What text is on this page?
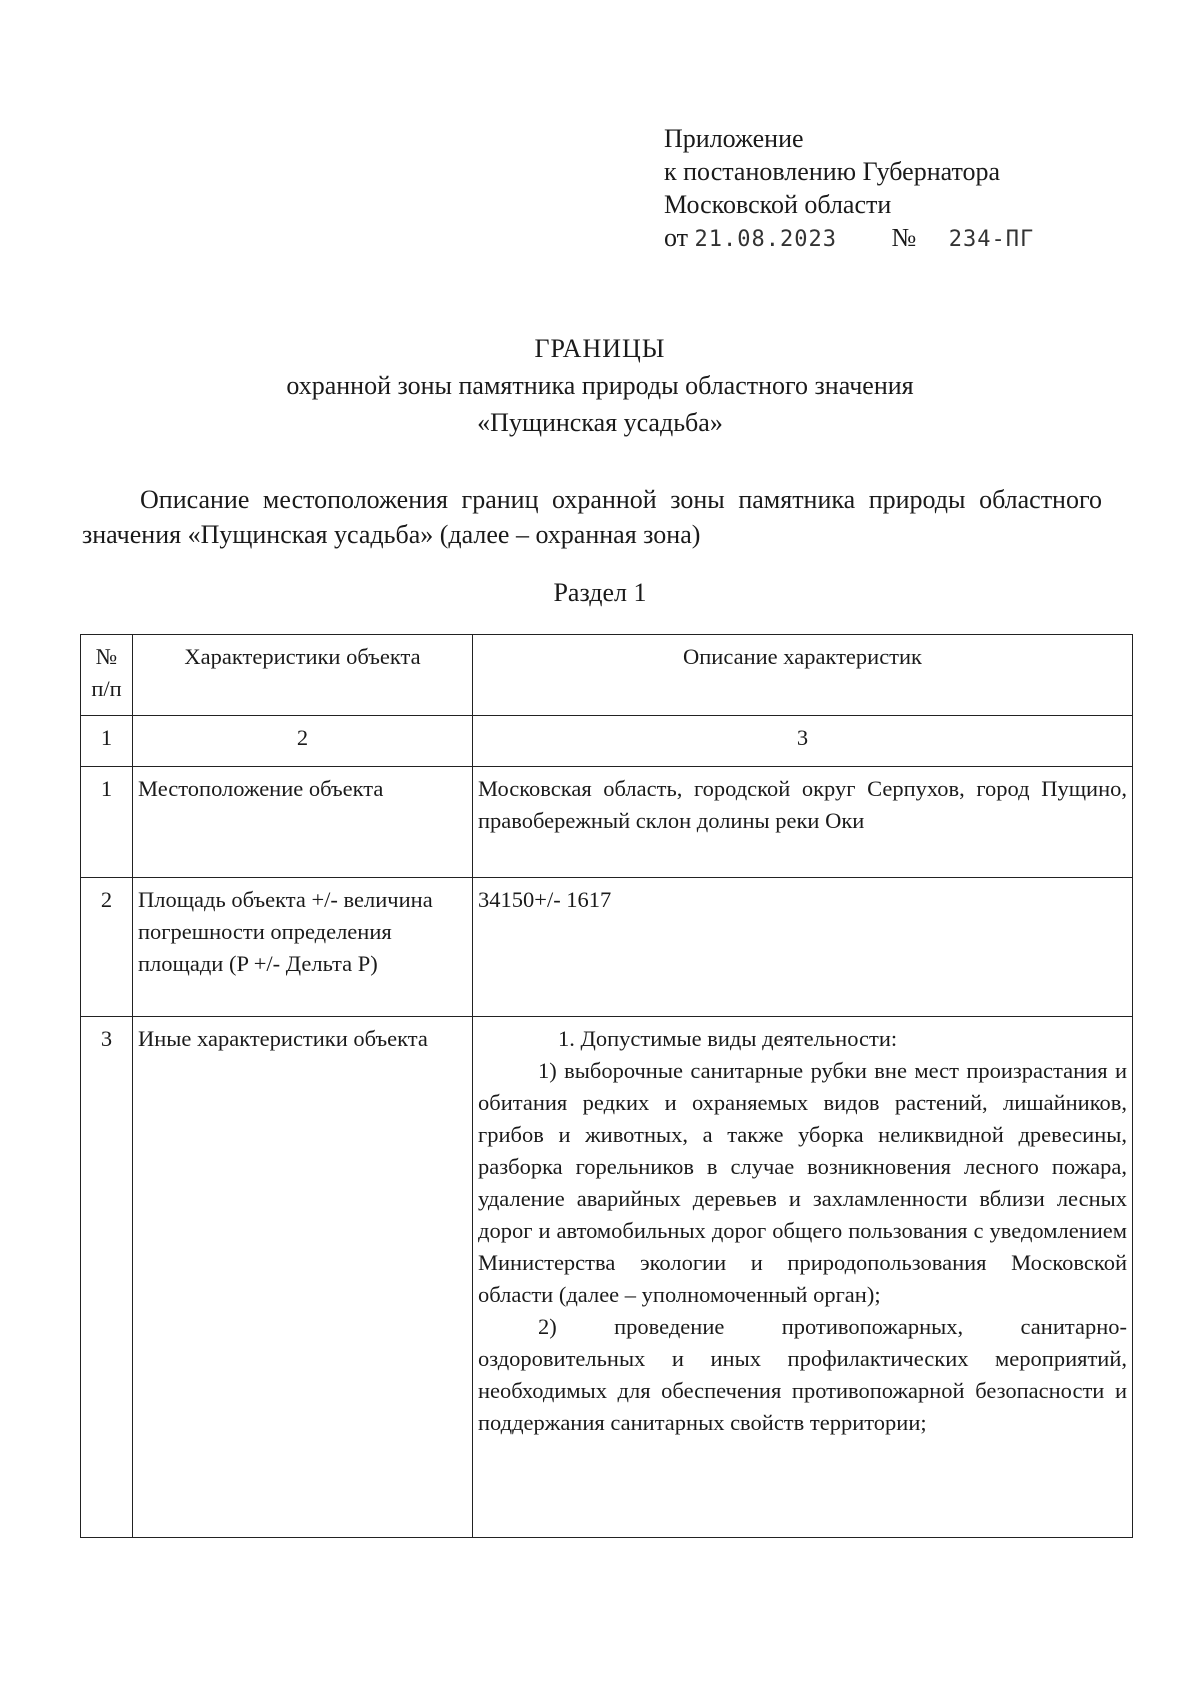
Приложение
к постановлению Губернатора
Московской области
от 21.08.2023 № 234-ПГ
ГРАНИЦЫ
охранной зоны памятника природы областного значения
«Пущинская усадьба»
Описание местоположения границ охранной зоны памятника природы областного значения «Пущинская усадьба» (далее – охранная зона)
Раздел 1
№ п/п	Характеристики объекта	Описание характеристик
1	2	3
1	Местоположение объекта	Московская область, городской округ Серпухов, город Пущино, правобережный склон долины реки Оки
2	Площадь объекта +/- величина погрешности определения площади (P +/- Дельта P)	34150+/- 1617
3	Иные характеристики объекта	1. Допустимые виды деятельности:
1) выборочные санитарные рубки вне мест произрастания и обитания редких и охраняемых видов растений, лишайников, грибов и животных, а также уборка неликвидной древесины, разборка горельников в случае возникновения лесного пожара, удаление аварийных деревьев и захламленности вблизи лесных дорог и автомобильных дорог общего пользования с уведомлением Министерства экологии и природопользования Московской области (далее – уполномоченный орган);
2) проведение противопожарных, санитарно-оздоровительных и иных профилактических мероприятий, необходимых для обеспечения противопожарной безопасности и поддержания санитарных свойств территории;
